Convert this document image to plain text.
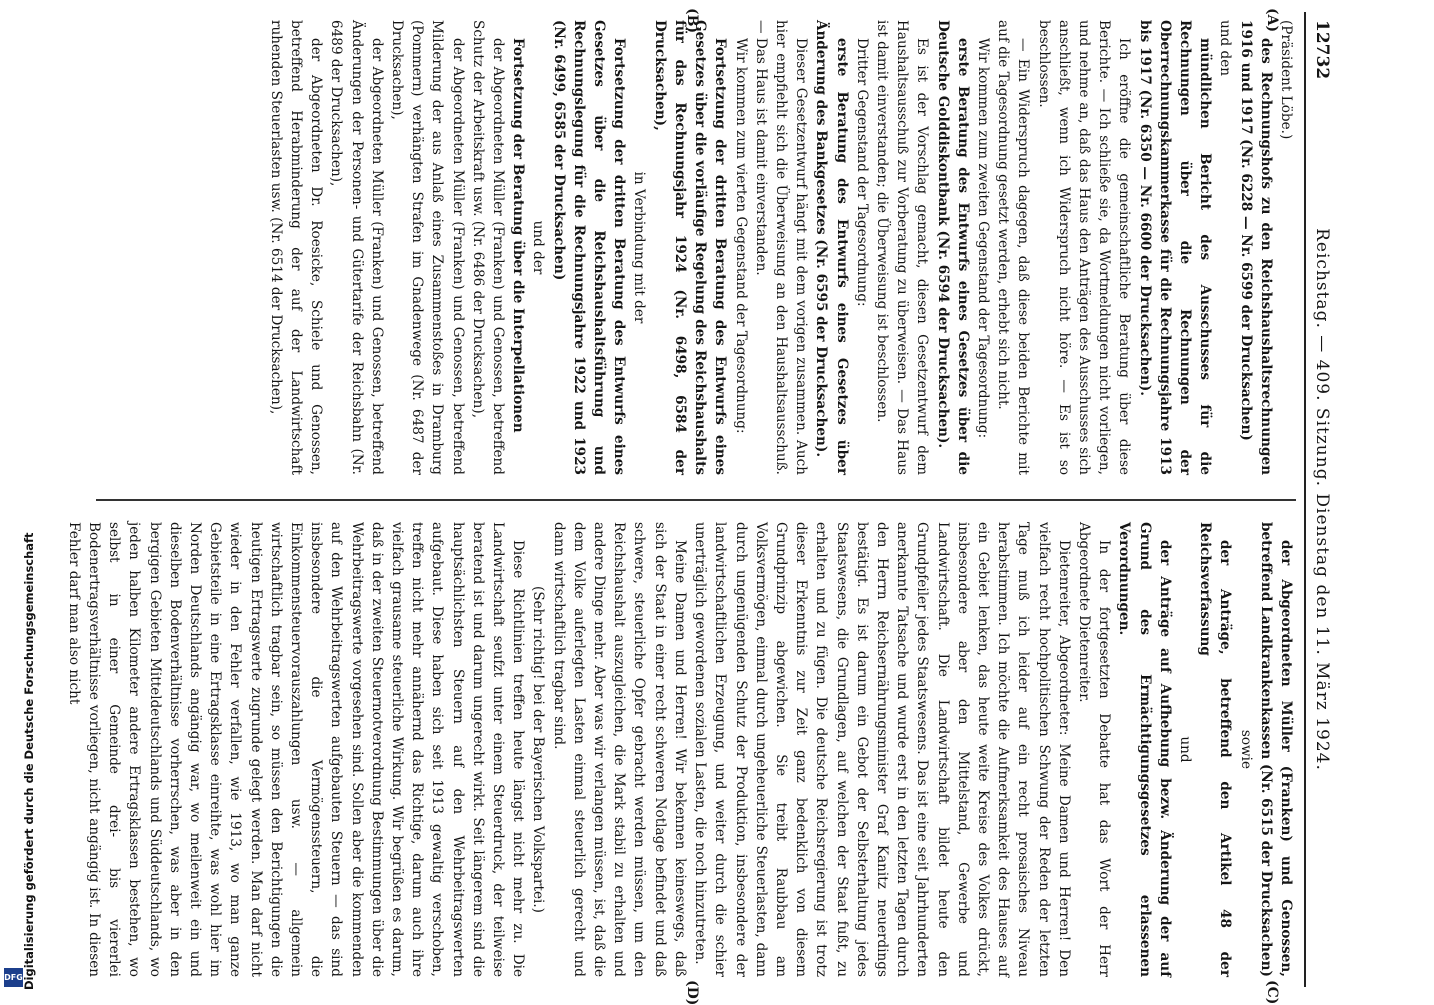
12732
Reichstag. — 409. Sitzung. Dienstag den 11. März 1924.
(A)
(B)
(C)
(D)

(Präsident Löbe.)

des Rechnungshofs zu den Reichshaushaltsrechnungen 1916 und 1917 (Nr. 6228 — Nr. 6599 der Drucksachen)

und den

mündlichen Bericht des Ausschusses für die Rechnungen über die Rechnungen der Oberrechnungskammerkasse für die Rechnungsjahre 1913 bis 1917 (Nr. 6350 — Nr. 6600 der Drucksachen).

Ich eröffne die gemeinschaftliche Beratung über diese Berichte. — Ich schließe sie, da Wortmeldungen nicht vorliegen, und nehme an, daß das Haus den Anträgen des Ausschusses sich anschließt, wenn ich Widerspruch nicht höre. — Es ist so beschlossen.

— Ein Widerspruch dagegen, daß diese beiden Berichte mit auf die Tagesordnung gesetzt werden, erhebt sich nicht.

Wir kommen zum zweiten Gegenstand der Tagesordnung:

erste Beratung des Entwurfs eines Gesetzes über die Deutsche Golddiskontbank (Nr. 6594 der Drucksachen).

Es ist der Vorschlag gemacht, diesen Gesetzentwurf dem Haushaltsausschuß zur Vorberatung zu überweisen. — Das Haus ist damit einverstanden; die Überweisung ist beschlossen.

Dritter Gegenstand der Tagesordnung:

erste Beratung des Entwurfs eines Gesetzes über Änderung des Bankgesetzes (Nr. 6595 der Drucksachen).

Dieser Gesetzentwurf hängt mit dem vorigen zusammen. Auch hier empfiehlt sich die Überweisung an den Haushaltsausschuß. — Das Haus ist damit einverstanden.

Wir kommen zum vierten Gegenstand der Tagesordnung:

Fortsetzung der dritten Beratung des Entwurfs eines Gesetzes über die vorläufige Regelung des Reichshaushalts für das Rechnungsjahr 1924 (Nr. 6498, 6584 der Drucksachen),

in Verbindung mit der

Fortsetzung der dritten Beratung des Entwurfs eines Gesetzes über die Reichshaushaltsführung und Rechnungslegung für die Rechnungsjahre 1922 und 1923 (Nr. 6499, 6585 der Drucksachen)

und der

Fortsetzung der Beratung über die Interpellationen

der Abgeordneten Müller (Franken) und Genossen, betreffend Schutz der Arbeitskraft usw. (Nr. 6486 der Drucksachen),

der Abgeordneten Müller (Franken) und Genossen, betreffend Milderung der aus Anlaß eines Zusammenstoßes in Dramburg (Pommern) verhängten Strafen im Gnadenwege (Nr. 6487 der Drucksachen),

der Abgeordneten Müller (Franken) und Genossen, betreffend Änderungen der Personen- und Gütertarife der Reichsbahn (Nr. 6489 der Drucksachen),

der Abgeordneten Dr. Roesicke, Schiele und Genossen, betreffend Herabminderung der auf der Landwirtschaft ruhenden Steuerlasten usw. (Nr. 6514 der Drucksachen),

der Abgeordneten Müller (Franken) und Genossen, betreffend Landkrankenkassen (Nr. 6515 der Drucksachen)

sowie

der Anträge, betreffend den Artikel 48 der Reichsverfassung

und

der Anträge auf Aufhebung bezw. Änderung der auf Grund des Ermächtigungsgesetzes erlassenen Verordnungen.

In der fortgesetzten Debatte hat das Wort der Herr Abgeordnete Dietenreiter.

Dietenreiter, Abgeordneter: Meine Damen und Herren! Den vielfach recht hochpolitischen Schwung der Reden der letzten Tage muß ich leider auf ein recht prosaisches Niveau herabstimmen. Ich möchte die Aufmerksamkeit des Hauses auf ein Gebiet lenken, das heute weite Kreise des Volkes drückt, insbesondere aber den Mittelstand, Gewerbe und Landwirtschaft. Die Landwirtschaft bildet heute den Grundpfeiler jedes Staatswesens. Das ist eine seit Jahrhunderten anerkannte Tatsache und wurde erst in den letzten Tagen durch den Herrn Reichsernährungsminister Graf Kanitz neuerdings bestätigt. Es ist darum ein Gebot der Selbsterhaltung jedes Staatswesens, die Grundlagen, auf welchen der Staat fußt, zu erhalten und zu fügen. Die deutsche Reichsregierung ist trotz dieser Erkenntnis zur Zeit ganz bedenklich von diesem Grundprinzip abgewichen. Sie treibt Raubbau am Volksvermögen, einmal durch ungeheuerliche Steuerlasten, dann durch ungenügenden Schutz der Produktion, insbesondere der landwirtschaftlichen Erzeugung, und weiter durch die schier unerträglich gewordenen sozialen Lasten, die noch hinzutreten.

Meine Damen und Herren! Wir bekennen keineswegs, daß sich der Staat in einer recht schweren Notlage befindet und daß schwere, steuerliche Opfer gebracht werden müssen, um den Reichshaushalt auszugleichen, die Mark stabil zu erhalten und andere Dinge mehr. Aber was wir verlangen müssen, ist, daß die dem Volke auferlegten Lasten einmal steuerlich gerecht und dann wirtschaftlich tragbar sind.

(Sehr richtig! bei der Bayerischen Volkspartei.)

Diese Richtlinien treffen heute längst nicht mehr zu. Die Landwirtschaft seufzt unter einem Steuerdruck, der teilweise beratend ist und darum ungerecht wirkt. Seit längerem sind die hauptsächlichsten Steuern auf den Wehrbeitragswerten aufgebaut. Diese haben sich seit 1913 gewaltig verschoben, treffen nicht mehr annähernd das Richtige, darum auch ihre vielfach grausame steuerliche Wirkung. Wir begrüßen es darum, daß in der zweiten Steuernotverordnung Bestimmungen über die Wehrbeitragswerte vorgesehen sind. Sollen aber die kommenden auf den Wehrbeitragswerten aufgebauten Steuern — das sind insbesondere die Vermögenssteuern, die Einkommensteuervorauszahlungen usw. — allgemein wirtschaftlich tragbar sein, so müssen den Berichtigungen die heutigen Ertragswerte zugrunde gelegt werden. Man darf nicht wieder in den Fehler verfallen, wie 1913, wo man ganze Gebietsteile in eine Ertragsklasse einreihte, was wohl hier im Norden Deutschlands angängig war, wo meilenweit ein und dieselben Bodenverhältnisse vorherrschen, was aber in den bergigen Gebieten Mitteldeutschlands und Süddeutschlands, wo jeden halben Kilometer andere Ertragsklassen bestehen, wo selbst in einer Gemeinde drei- bis viererlei Bodenertragsverhältnisse vorliegen, nicht angängig ist. In diesen Fehler darf man also nicht

DFG Digitalisierung gefördert durch die Deutsche Forschungsgemeinschaft
